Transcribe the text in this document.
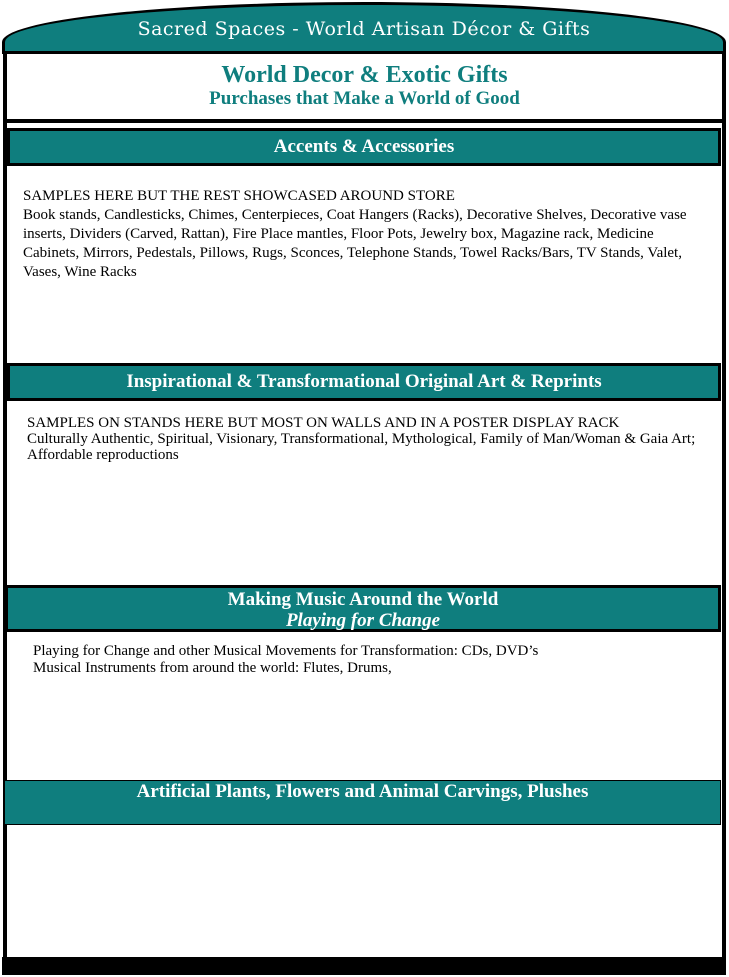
Sacred Spaces - World Artisan Décor & Gifts
World Decor & Exotic Gifts
Purchases that Make a World of Good
Accents & Accessories
SAMPLES HERE BUT THE REST SHOWCASED AROUND STORE
Book stands, Candlesticks, Chimes, Centerpieces, Coat Hangers (Racks), Decorative Shelves, Decorative vase inserts, Dividers (Carved, Rattan), Fire Place mantles, Floor Pots, Jewelry box, Magazine rack, Medicine Cabinets, Mirrors, Pedestals, Pillows, Rugs, Sconces, Telephone Stands, Towel Racks/Bars, TV Stands, Valet, Vases, Wine Racks
Inspirational & Transformational Original Art & Reprints
SAMPLES ON STANDS HERE BUT MOST ON WALLS AND IN A POSTER DISPLAY RACK
Culturally Authentic, Spiritual, Visionary, Transformational, Mythological, Family of Man/Woman & Gaia Art; Affordable reproductions
Making Music Around the World
Playing for Change
Playing for Change and other Musical Movements for Transformation: CDs, DVD’s
Musical Instruments from around the world: Flutes, Drums,
Artificial Plants, Flowers and Animal Carvings, Plushes
